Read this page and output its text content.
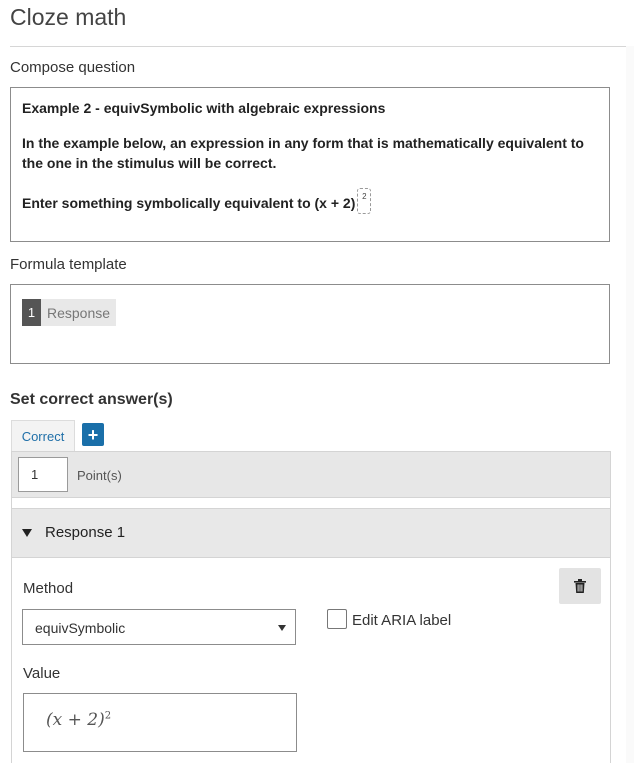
Cloze math
Compose question

Example 2 - equivSymbolic with algebraic expressions

In the example below, an expression in any form that is mathematically equivalent to the one in the stimulus will be correct.

Enter something symbolically equivalent to (x + 2) 2

Formula template
1 Response
Set correct answer(s)
Correct	+
1	Point(s)
Response 1
Method
equivSymbolic	Edit ARIA label
Value
$(x + 2)^2$
